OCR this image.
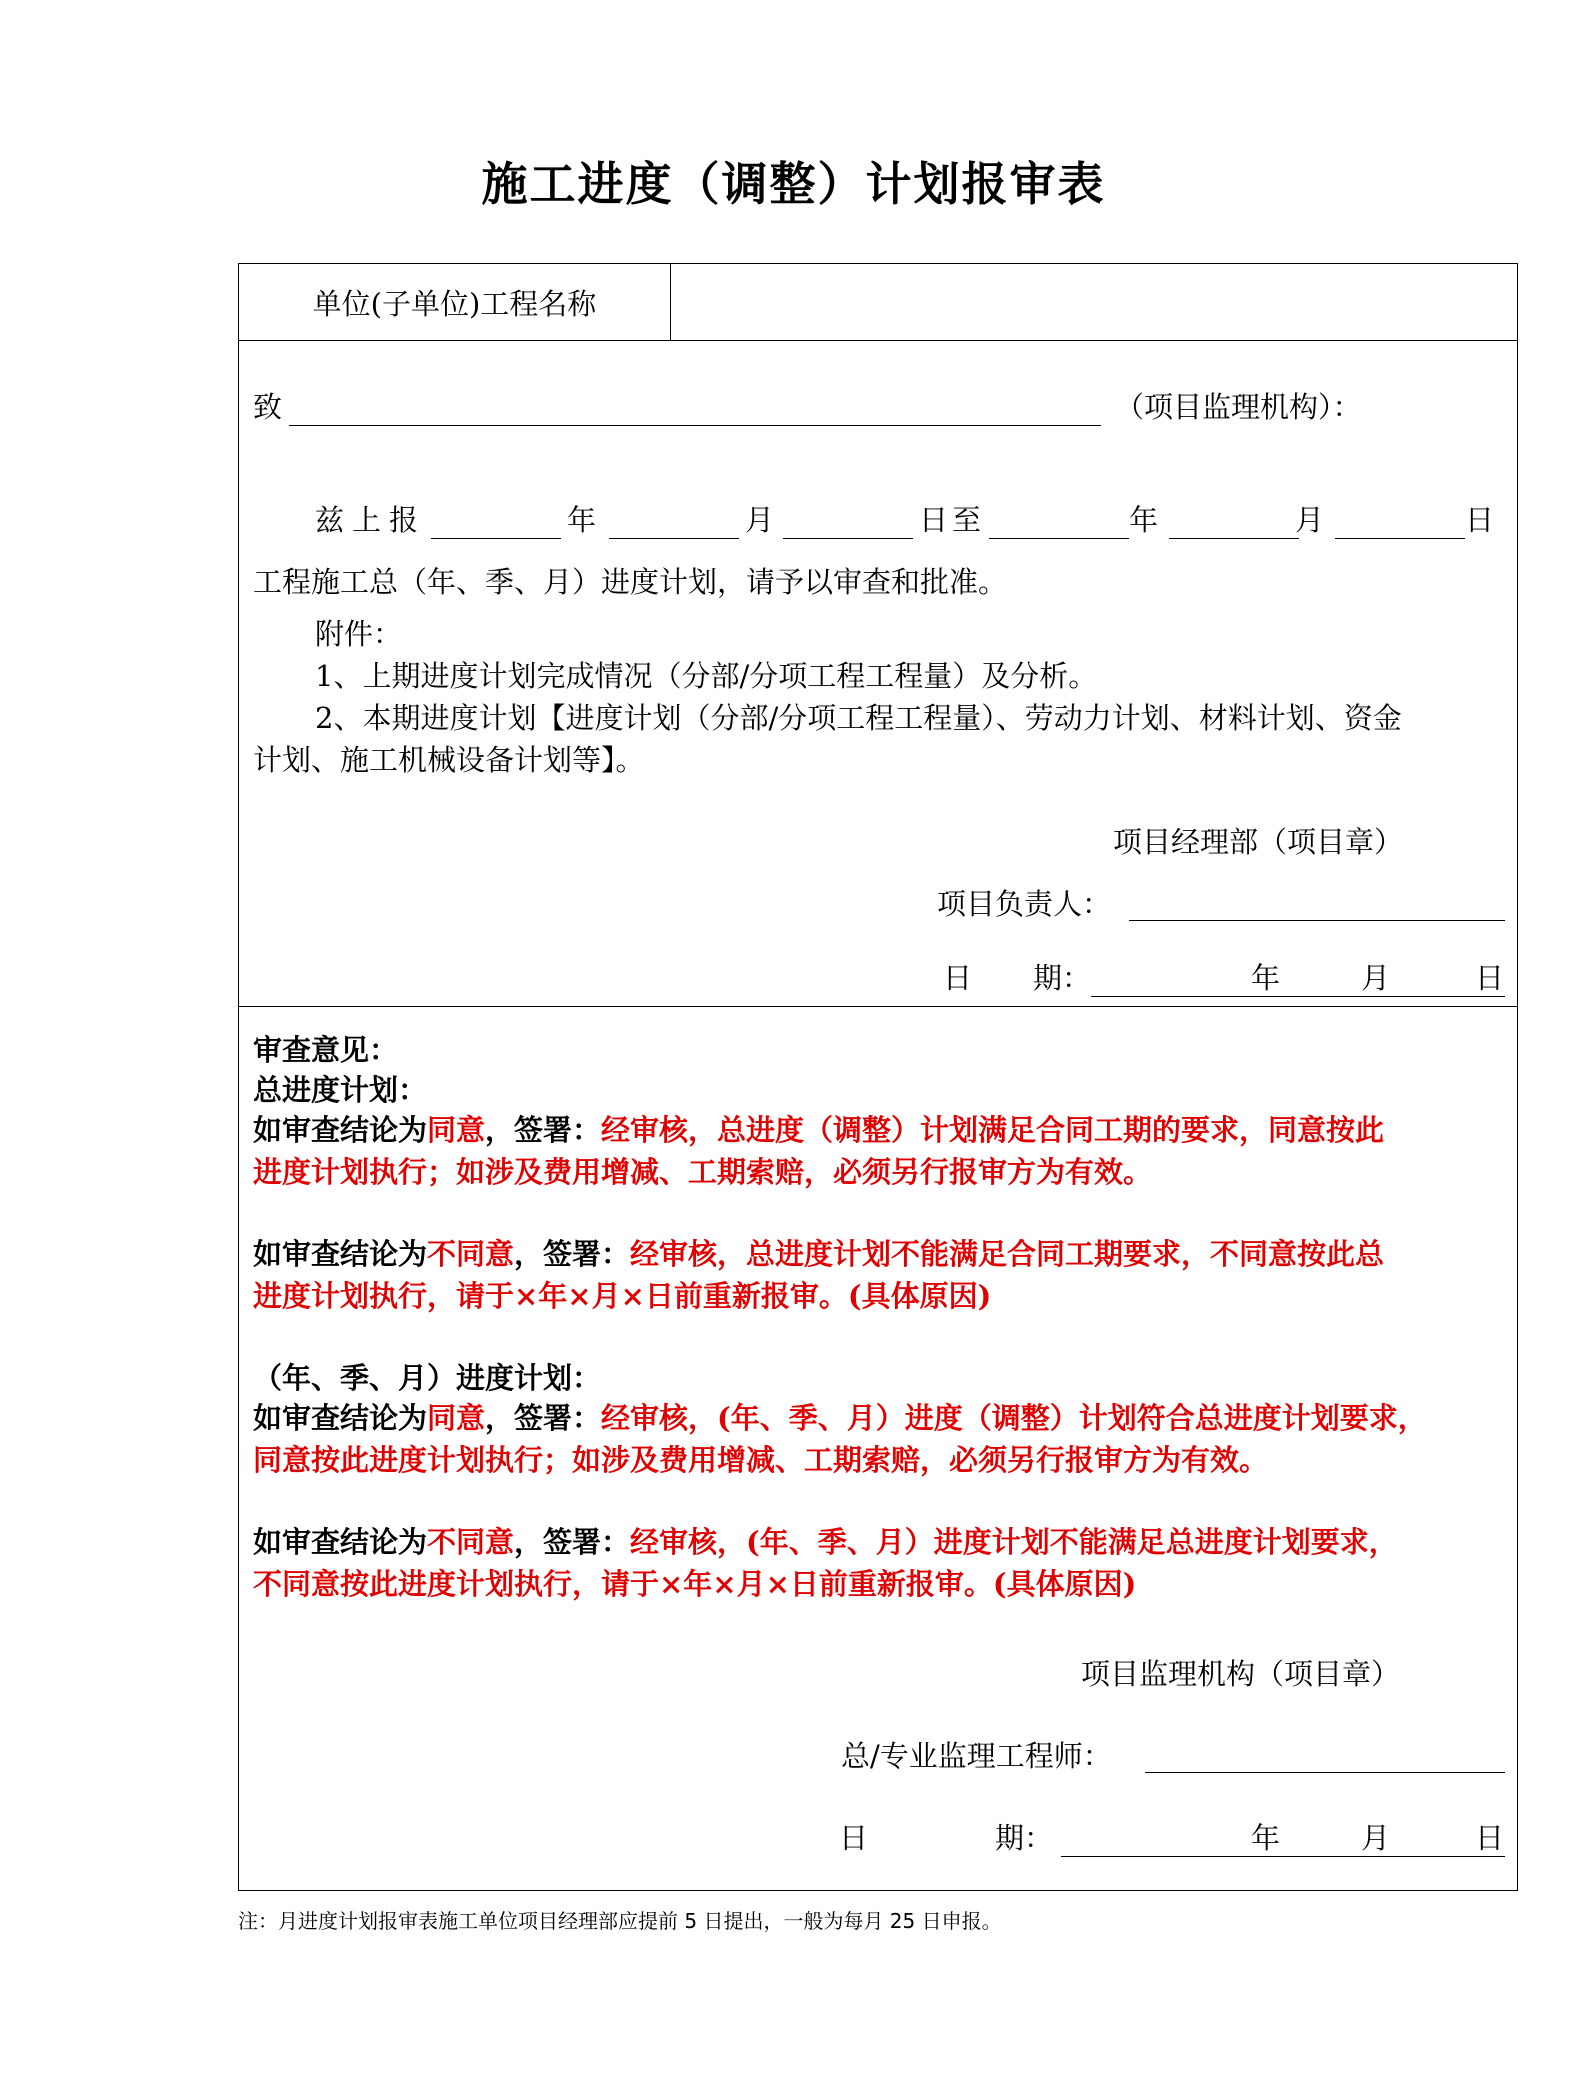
施工进度（调整）计划报审表
单位(子单位)工程名称
致	（项目监理机构）：
兹上报	年	月	日至	年	月	日
工程施工总（年、季、月）进度计划，请予以审查和批准。
附件：
1、上期进度计划完成情况（分部/分项工程工程量）及分析。
2、本期进度计划【进度计划（分部/分项工程工程量）、劳动力计划、材料计划、资金
计划、施工机械设备计划等】。
项目经理部（项目章）
项目负责人：
日 期：	年	月	日
审查意见：
总进度计划：
如审查结论为同意，签署：经审核，总进度（调整）计划满足合同工期的要求，同意按此
进度计划执行；如涉及费用增减、工期索赔，必须另行报审方为有效。
如审查结论为不同意，签署：经审核，总进度计划不能满足合同工期要求，不同意按此总
进度计划执行，请于×年×月×日前重新报审。(具体原因)
（年、季、月）进度计划：
如审查结论为同意，签署：经审核，(年、季、月）进度（调整）计划符合总进度计划要求，
同意按此进度计划执行；如涉及费用增减、工期索赔，必须另行报审方为有效。
如审查结论为不同意，签署：经审核，(年、季、月）进度计划不能满足总进度计划要求，
不同意按此进度计划执行，请于×年×月×日前重新报审。(具体原因)
项目监理机构（项目章）
总/专业监理工程师：
日	期：	年	月	日
注：月进度计划报审表施工单位项目经理部应提前 5 日提出，一般为每月 25 日申报。
